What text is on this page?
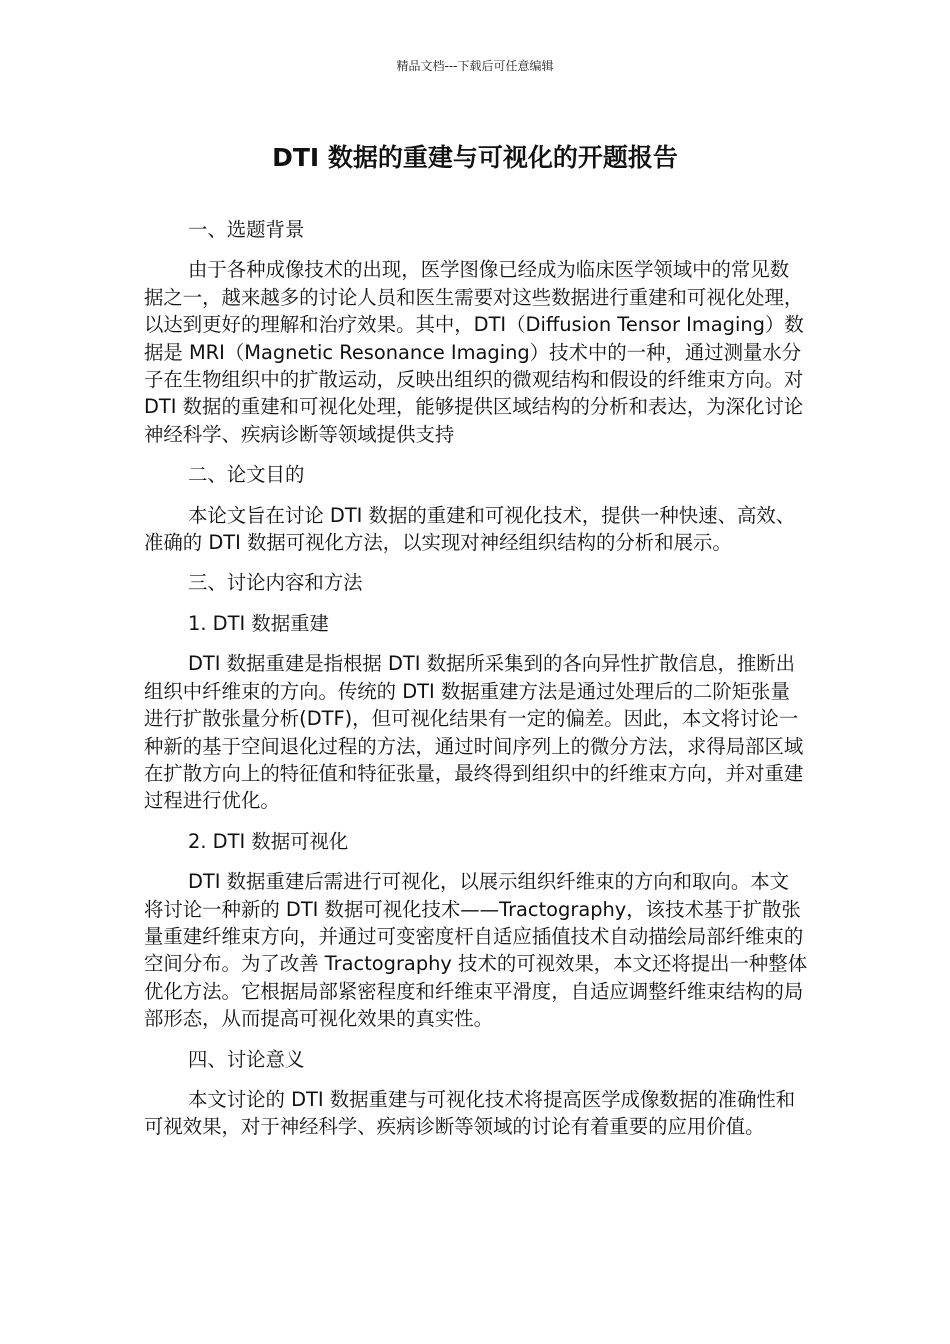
精品文档---下载后可任意编辑
DTI 数据的重建与可视化的开题报告
一、选题背景
由于各种成像技术的出现，医学图像已经成为临床医学领域中的常见数据之一，越来越多的讨论人员和医生需要对这些数据进行重建和可视化处理，以达到更好的理解和治疗效果。其中，DTI（Diffusion Tensor Imaging）数据是 MRI（Magnetic Resonance Imaging）技术中的一种，通过测量水分子在生物组织中的扩散运动，反映出组织的微观结构和假设的纤维束方向。对 DTI 数据的重建和可视化处理，能够提供区域结构的分析和表达，为深化讨论神经科学、疾病诊断等领域提供支持
二、论文目的
本论文旨在讨论 DTI 数据的重建和可视化技术，提供一种快速、高效、准确的 DTI 数据可视化方法，以实现对神经组织结构的分析和展示。
三、讨论内容和方法
1. DTI 数据重建
DTI 数据重建是指根据 DTI 数据所采集到的各向异性扩散信息，推断出组织中纤维束的方向。传统的 DTI 数据重建方法是通过处理后的二阶矩张量进行扩散张量分析(DTF)，但可视化结果有一定的偏差。因此，本文将讨论一种新的基于空间退化过程的方法，通过时间序列上的微分方法，求得局部区域在扩散方向上的特征值和特征张量，最终得到组织中的纤维束方向，并对重建过程进行优化。
2. DTI 数据可视化
DTI 数据重建后需进行可视化，以展示组织纤维束的方向和取向。本文将讨论一种新的 DTI 数据可视化技术——Tractography，该技术基于扩散张量重建纤维束方向，并通过可变密度杆自适应插值技术自动描绘局部纤维束的空间分布。为了改善 Tractography 技术的可视效果，本文还将提出一种整体优化方法。它根据局部紧密程度和纤维束平滑度，自适应调整纤维束结构的局部形态，从而提高可视化效果的真实性。
四、讨论意义
本文讨论的 DTI 数据重建与可视化技术将提高医学成像数据的准确性和可视效果，对于神经科学、疾病诊断等领域的讨论有着重要的应用价值。
